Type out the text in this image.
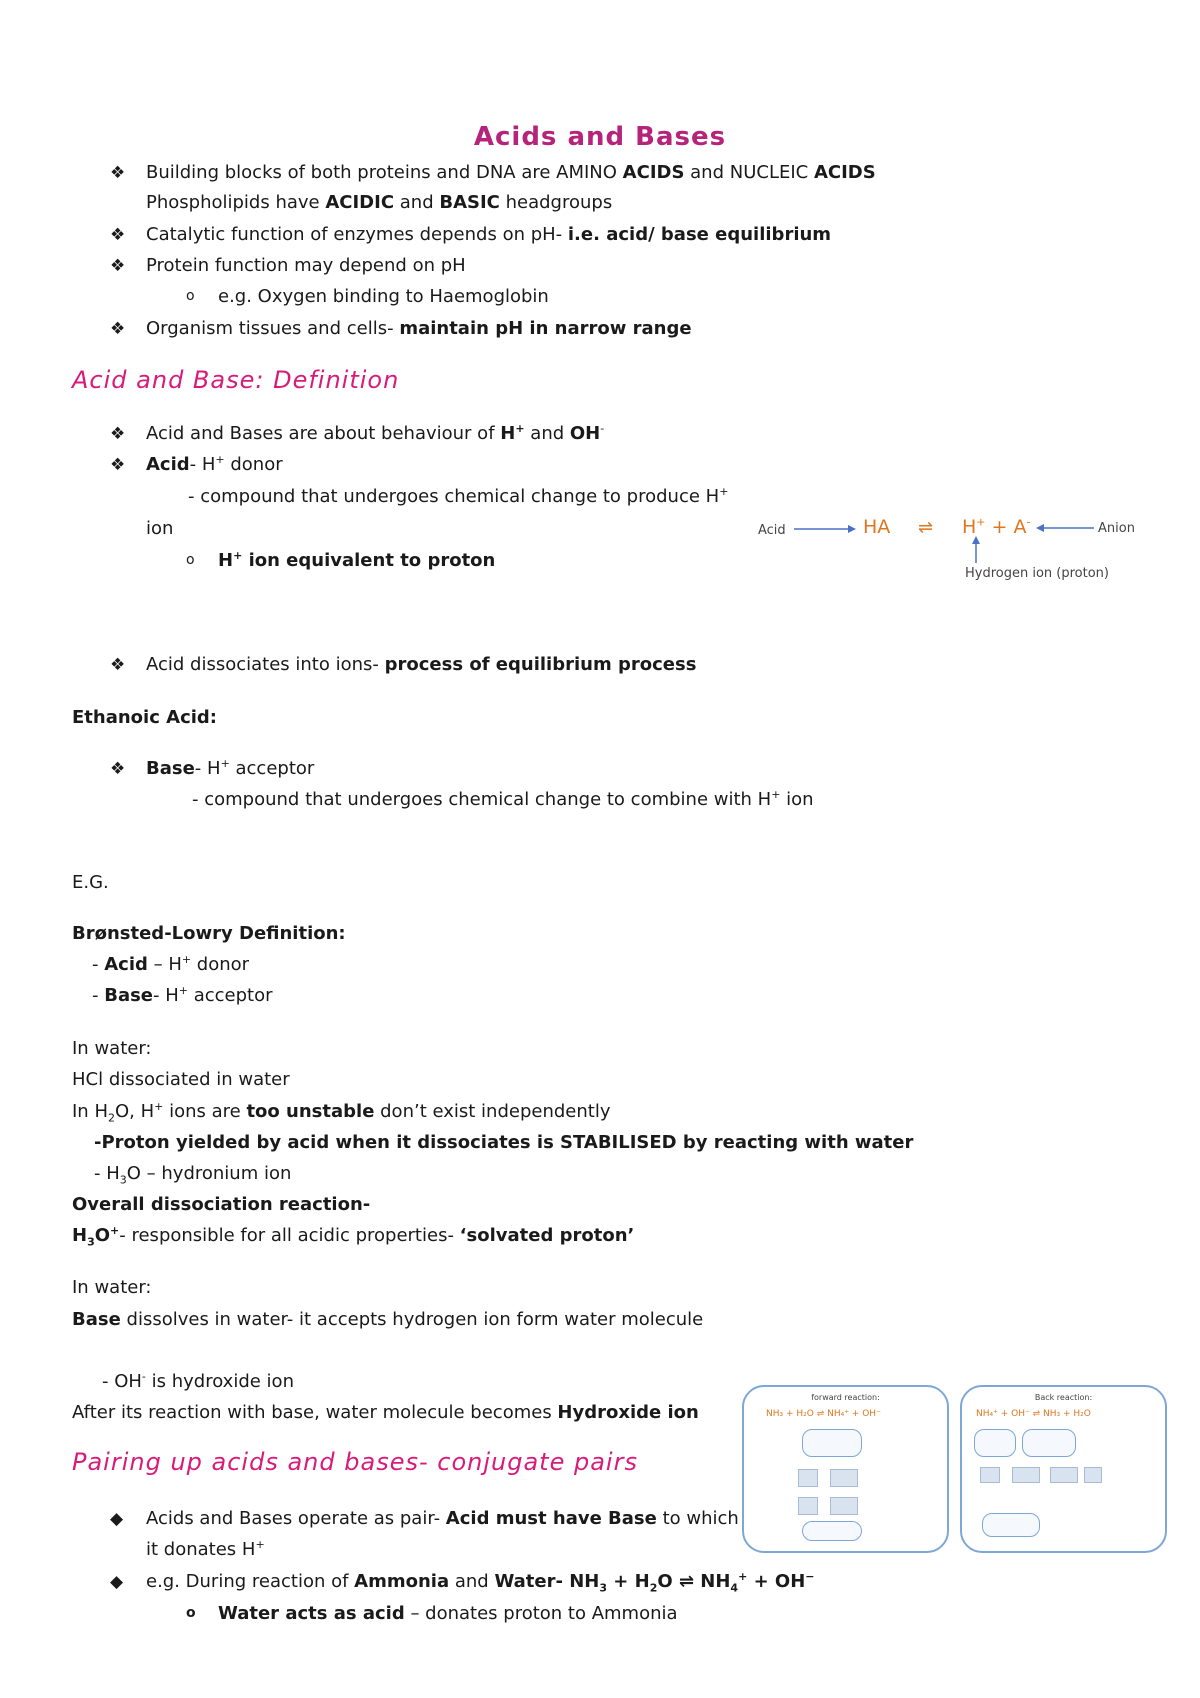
Acids and Bases
❖ Building blocks of both proteins and DNA are AMINO ACIDS and NUCLEIC ACIDS
Phospholipids have ACIDIC and BASIC headgroups
❖ Catalytic function of enzymes depends on pH- i.e. acid/ base equilibrium
❖ Protein function may depend on pH
o e.g. Oxygen binding to Haemoglobin
❖ Organism tissues and cells- maintain pH in narrow range
Acid and Base: Definition
❖ Acid and Bases are about behaviour of H+ and OH-
❖ Acid- H+ donor
- compound that undergoes chemical change to produce H+
ion
o H+ ion equivalent to proton
Acid	HA ⇌ H+ + A-	Anion
Hydrogen ion (proton)
❖ Acid dissociates into ions- process of equilibrium process
Ethanoic Acid:
❖ Base- H+ acceptor
- compound that undergoes chemical change to combine with H+ ion
E.G.
Brønsted-Lowry Definition:
- Acid – H+ donor
- Base- H+ acceptor
In water:
HCl dissociated in water
In $H_2O$, H+ ions are too unstable don’t exist independently
-Proton yielded by acid when it dissociates is STABILISED by reacting with water
- $H_3O$ – hydronium ion
Overall dissociation reaction-
$H_3O^+-$ responsible for all acidic properties- ‘solvated proton’
In water:
Base dissolves in water- it accepts hydrogen ion form water molecule
- OH- is hydroxide ion
After its reaction with base, water molecule becomes Hydroxide ion
forward reaction:
NH₃ + H₂O ⇌ NH₄⁺ + OH⁻
Back reaction:
NH₄⁺ + OH⁻ ⇌ NH₃ + H₂O
Pairing up acids and bases- conjugate pairs
◆ Acids and Bases operate as pair- Acid must have Base to which
it donates H+
◆ e.g. During reaction of Ammonia and Water- $NH_3 + H_2O$ ⇌ $NH_4^+ + OH^-$
o Water acts as acid – donates proton to Ammonia
